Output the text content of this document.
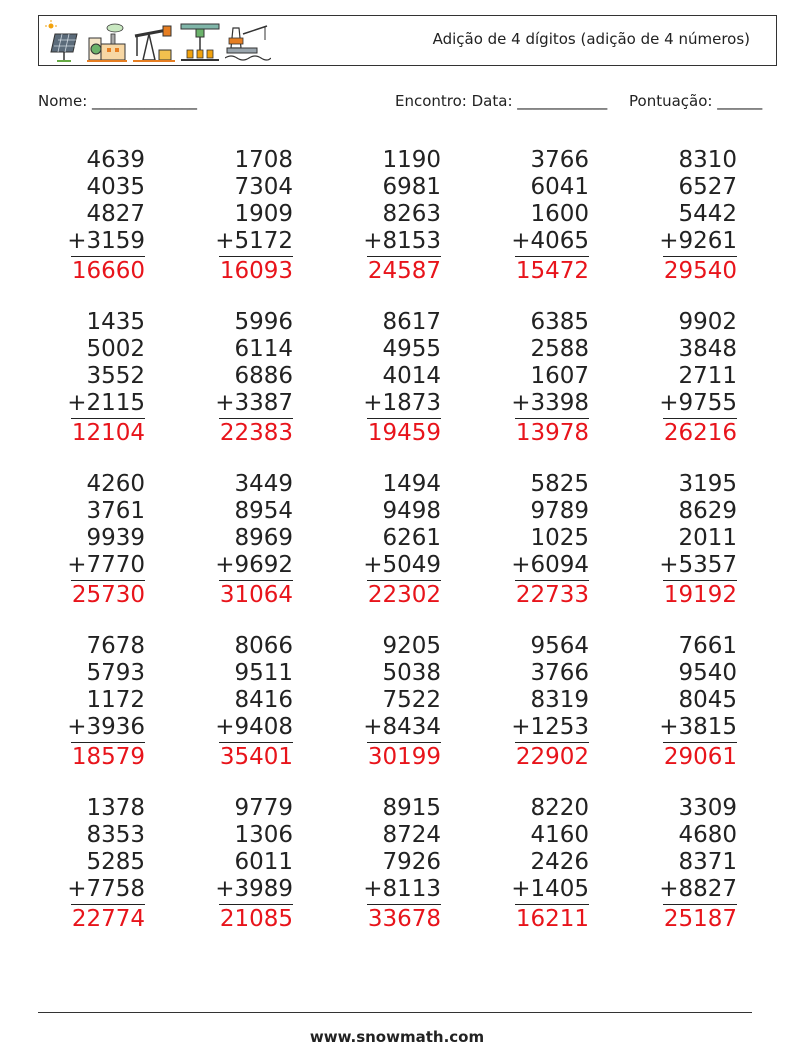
Adição de 4 dígitos (adição de 4 números)
Nome: ______________	Encontro: Data: ____________ Pontuação: ______
4639
4035
4827
+3159
16660
1708
7304
1909
+5172
16093
1190
6981
8263
+8153
24587
3766
6041
1600
+4065
15472
8310
6527
5442
+9261
29540
1435
5002
3552
+2115
12104
5996
6114
6886
+3387
22383
8617
4955
4014
+1873
19459
6385
2588
1607
+3398
13978
9902
3848
2711
+9755
26216
4260
3761
9939
+7770
25730
3449
8954
8969
+9692
31064
1494
9498
6261
+5049
22302
5825
9789
1025
+6094
22733
3195
8629
2011
+5357
19192
7678
5793
1172
+3936
18579
8066
9511
8416
+9408
35401
9205
5038
7522
+8434
30199
9564
3766
8319
+1253
22902
7661
9540
8045
+3815
29061
1378
8353
5285
+7758
22774
9779
1306
6011
+3989
21085
8915
8724
7926
+8113
33678
8220
4160
2426
+1405
16211
3309
4680
8371
+8827
25187
www.snowmath.com
